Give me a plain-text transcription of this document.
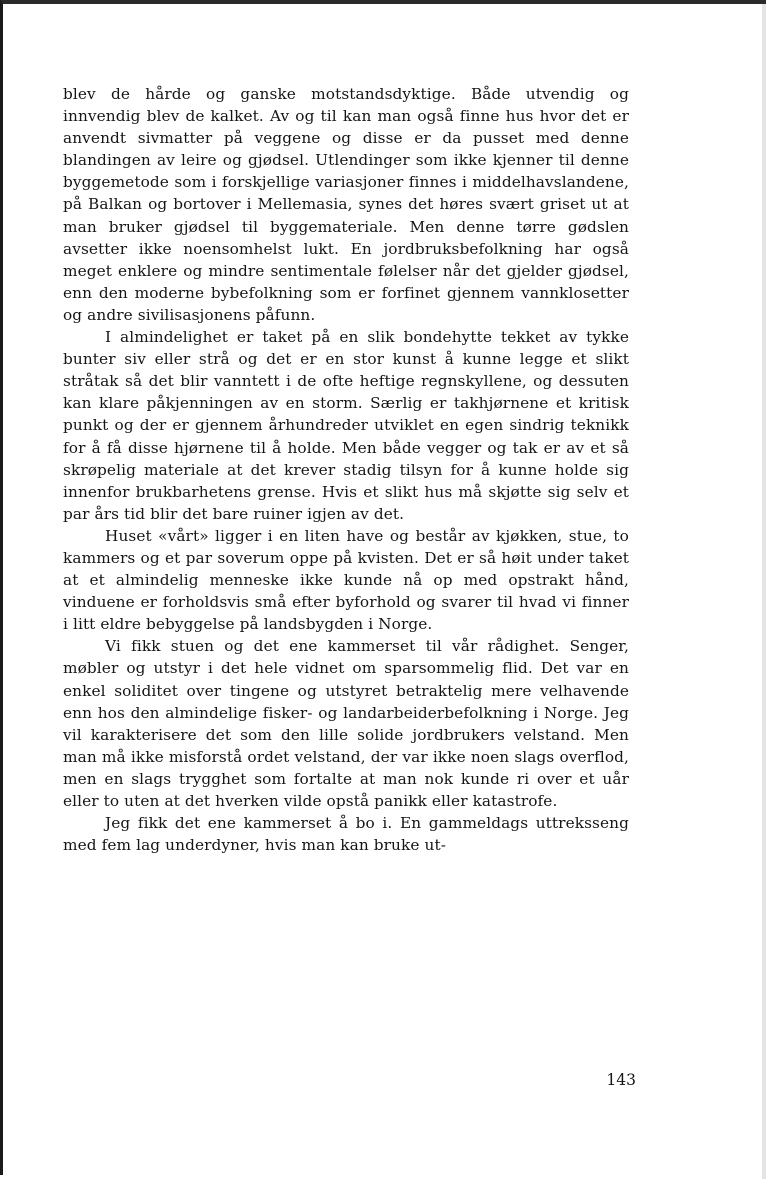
blev de hårde og ganske motstandsdyktige. Både utvendig og innvendig blev de kalket. Av og til kan man også finne hus hvor det er anvendt sivmatter på veggene og disse er da pusset med denne blandingen av leire og gjødsel. Utlendinger som ikke kjenner til denne byggemetode som i forskjellige variasjoner finnes i middelhavslandene, på Balkan og bortover i Mellemasia, synes det høres svært griset ut at man bruker gjødsel til byggemateriale. Men denne tørre gødslen avsetter ikke noensomhelst lukt. En jordbruksbefolkning har også meget enklere og mindre sentimentale følelser når det gjelder gjødsel, enn den moderne bybefolkning som er forfinet gjennem vannklosetter og andre sivilisasjonens påfunn.

I almindelighet er taket på en slik bondehytte tekket av tykke bunter siv eller strå og det er en stor kunst å kunne legge et slikt stråtak så det blir vanntett i de ofte heftige regnskyllene, og dessuten kan klare påkjenningen av en storm. Særlig er takhjørnene et kritisk punkt og der er gjennem århundreder utviklet en egen sindrig teknikk for å få disse hjørnene til å holde. Men både vegger og tak er av et så skrøpelig materiale at det krever stadig tilsyn for å kunne holde sig innenfor brukbarhetens grense. Hvis et slikt hus må skjøtte sig selv et par års tid blir det bare ruiner igjen av det.

Huset «vårt» ligger i en liten have og består av kjøkken, stue, to kammers og et par soverum oppe på kvisten. Det er så høit under taket at et almindelig menneske ikke kunde nå op med opstrakt hånd, vinduene er forholdsvis små efter byforhold og svarer til hvad vi finner i litt eldre bebyggelse på landsbygden i Norge.

Vi fikk stuen og det ene kammerset til vår rådighet. Senger, møbler og utstyr i det hele vidnet om sparsommelig flid. Det var en enkel soliditet over tingene og utstyret betraktelig mere velhavende enn hos den almindelige fisker- og landarbeiderbefolkning i Norge. Jeg vil karakterisere det som den lille solide jordbrukers velstand. Men man må ikke misforstå ordet velstand, der var ikke noen slags overflod, men en slags trygghet som fortalte at man nok kunde ri over et uår eller to uten at det hverken vilde opstå panikk eller katastrofe.

Jeg fikk det ene kammerset å bo i. En gammeldags uttreksseng med fem lag underdyner, hvis man kan bruke ut-

143
